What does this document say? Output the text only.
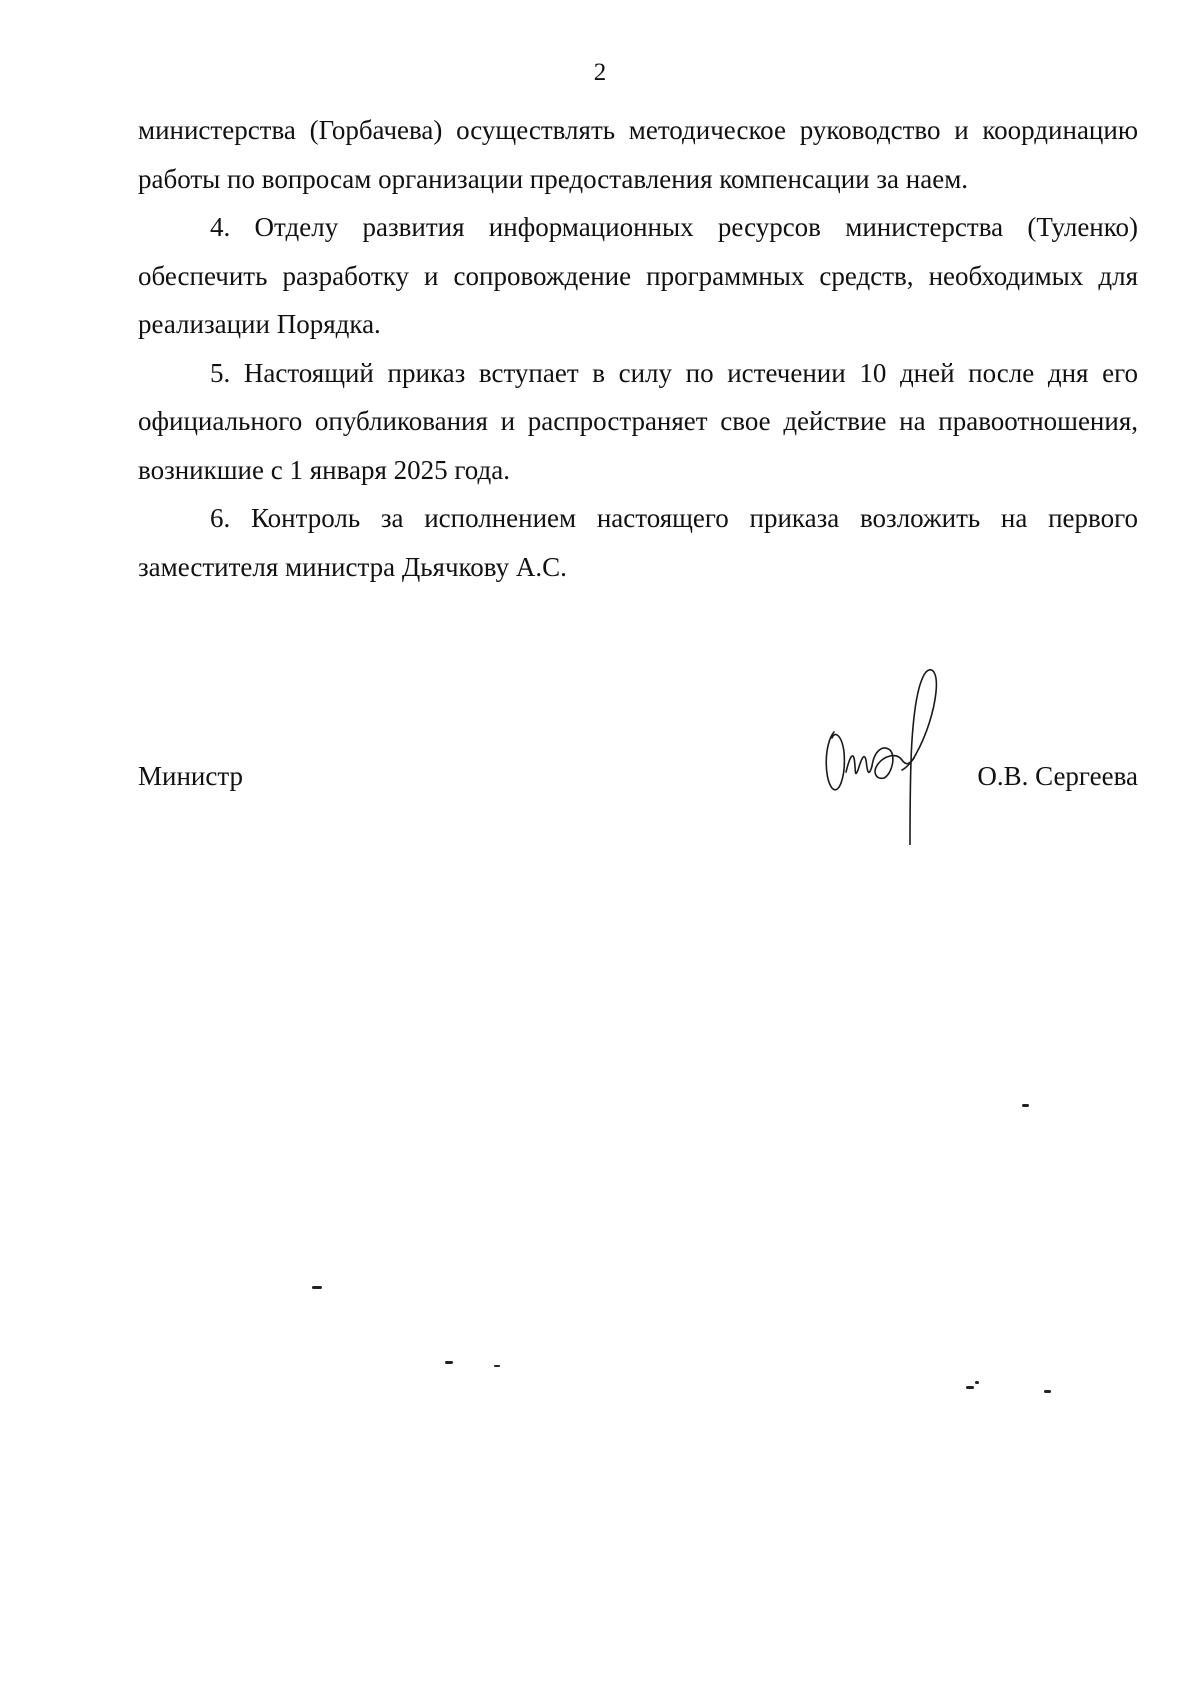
2

министерства (Горбачева) осуществлять методическое руководство и координацию работы по вопросам организации предоставления компенсации за наем.

4. Отделу развития информационных ресурсов министерства (Туленко) обеспечить разработку и сопровождение программных средств, необходимых для реализации Порядка.

5. Настоящий приказ вступает в силу по истечении 10 дней после дня его официального опубликования и распространяет свое действие на правоотношения, возникшие с 1 января 2025 года.

6. Контроль за исполнением настоящего приказа возложить на первого заместителя министра Дьячкову А.С.

Министр	О.В. Сергеева
